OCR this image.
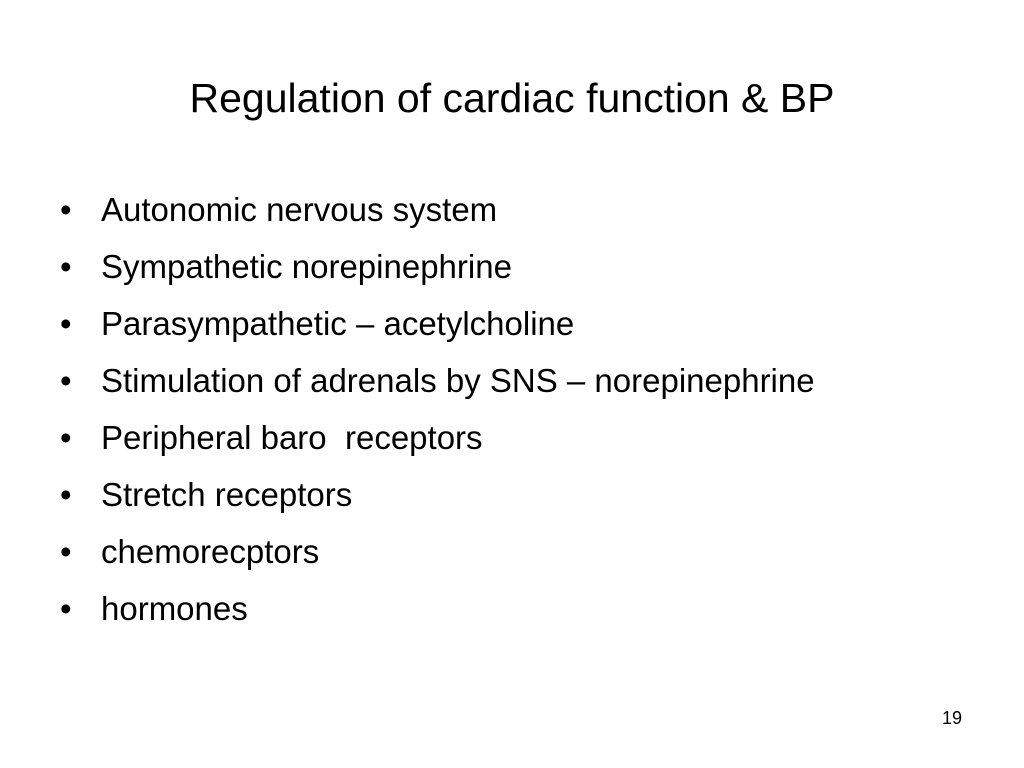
Regulation of cardiac function & BP
• Autonomic nervous system
• Sympathetic norepinephrine
• Parasympathetic – acetylcholine
• Stimulation of adrenals by SNS – norepinephrine
• Peripheral baro  receptors
• Stretch receptors
• chemorecptors
• hormones
19
